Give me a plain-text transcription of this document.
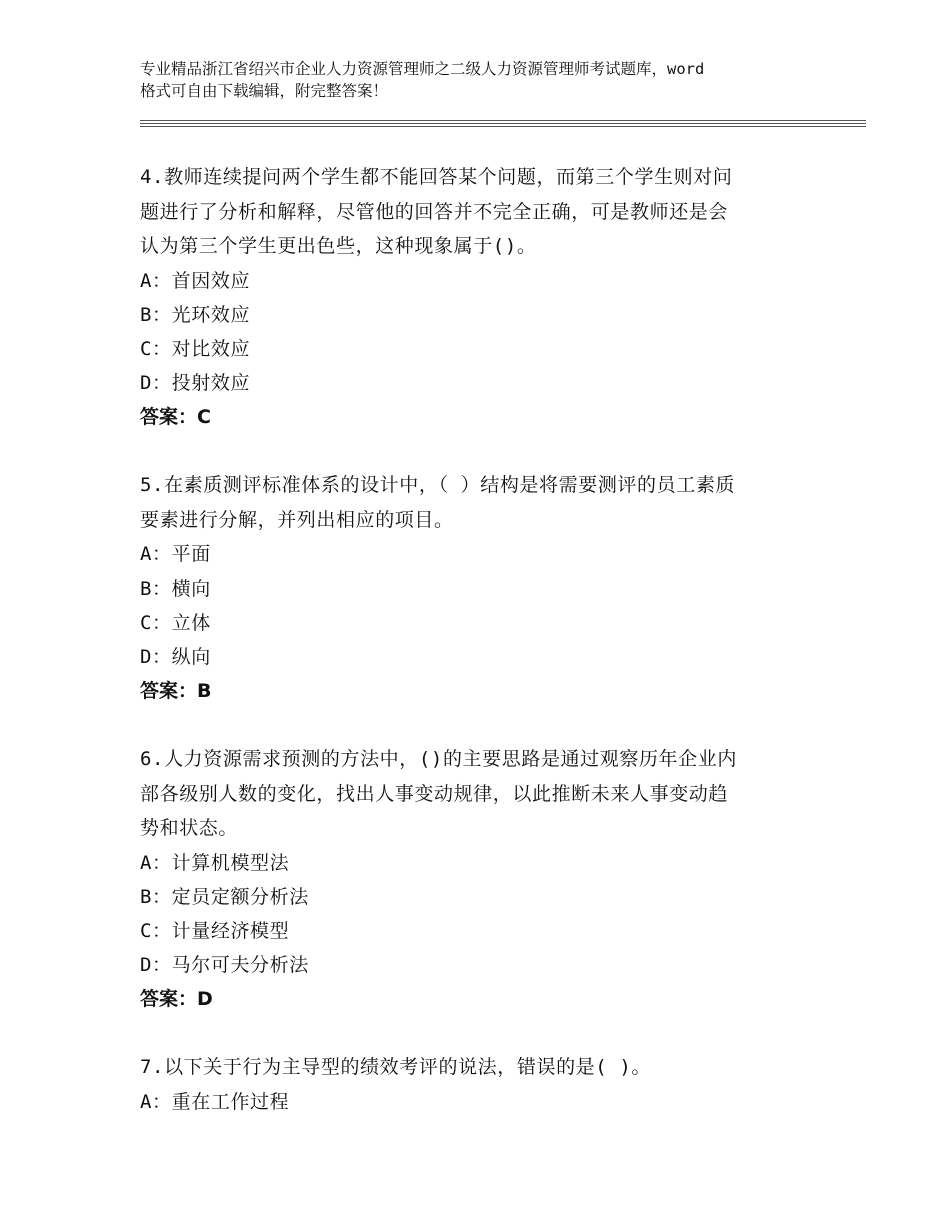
专业精品浙江省绍兴市企业人力资源管理师之二级人力资源管理师考试题库，word
格式可自由下载编辑，附完整答案！
4.教师连续提问两个学生都不能回答某个问题，而第三个学生则对问
题进行了分析和解释，尽管他的回答并不完全正确，可是教师还是会
认为第三个学生更出色些，这种现象属于()。
A：首因效应
B：光环效应
C：对比效应
D：投射效应
答案：C
5.在素质测评标准体系的设计中，（ ）结构是将需要测评的员工素质
要素进行分解，并列出相应的项目。
A：平面
B：横向
C：立体
D：纵向
答案：B
6.人力资源需求预测的方法中，()的主要思路是通过观察历年企业内
部各级别人数的变化，找出人事变动规律，以此推断未来人事变动趋
势和状态。
A：计算机模型法
B：定员定额分析法
C：计量经济模型
D：马尔可夫分析法
答案：D
7.以下关于行为主导型的绩效考评的说法，错误的是( )。
A：重在工作过程
